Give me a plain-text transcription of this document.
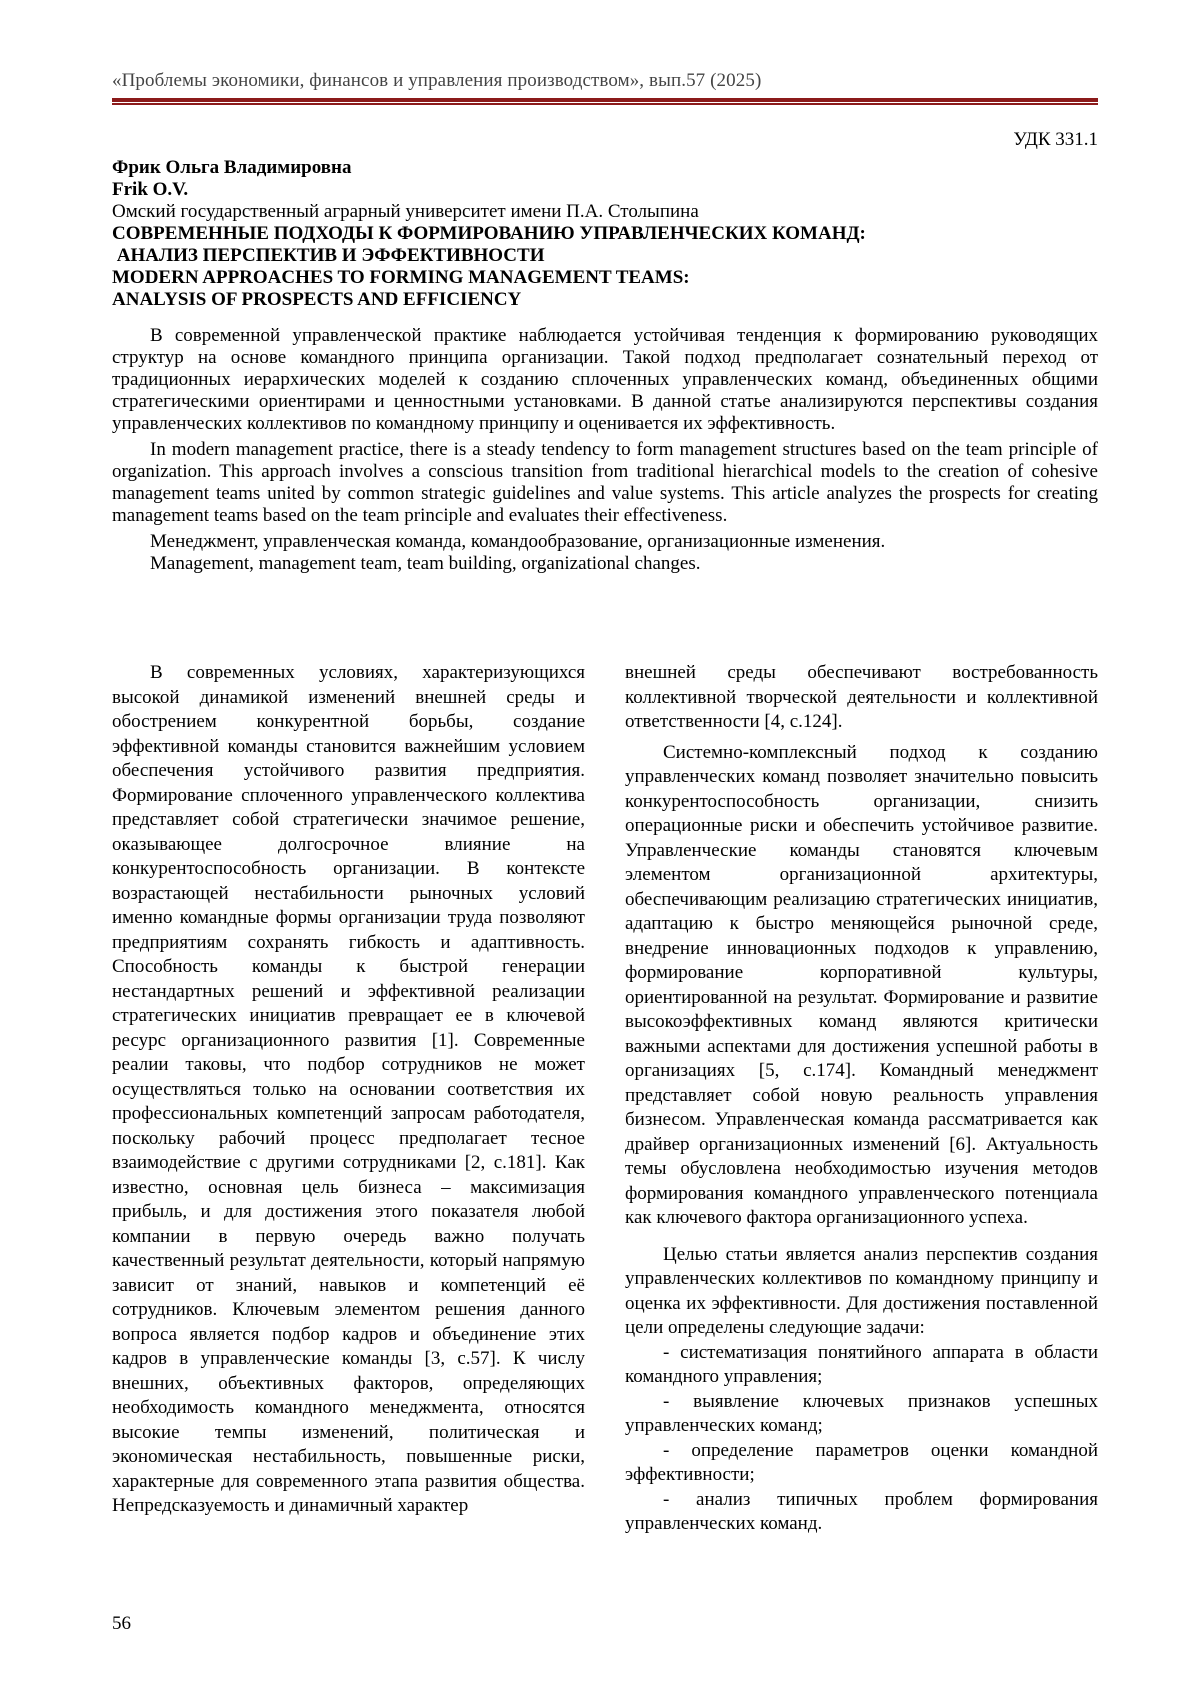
«Проблемы экономики, финансов и управления производством», вып.57 (2025)
УДК 331.1
Фрик Ольга Владимировна
Frik O.V.
Омский государственный аграрный университет имени П.А. Столыпина
СОВРЕМЕННЫЕ ПОДХОДЫ К ФОРМИРОВАНИЮ УПРАВЛЕНЧЕСКИХ КОМАНД:
АНАЛИЗ ПЕРСПЕКТИВ И ЭФФЕКТИВНОСТИ
MODERN APPROACHES TO FORMING MANAGEMENT TEAMS:
ANALYSIS OF PROSPECTS AND EFFICIENCY

В современной управленческой практике наблюдается устойчивая тенденция к формированию руководящих структур на основе командного принципа организации. Такой подход предполагает сознательный переход от традиционных иерархических моделей к созданию сплоченных управленческих команд, объединенных общими стратегическими ориентирами и ценностными установками. В данной статье анализируются перспективы создания управленческих коллективов по командному принципу и оценивается их эффективность.

In modern management practice, there is a steady tendency to form management structures based on the team principle of organization. This approach involves a conscious transition from traditional hierarchical models to the creation of cohesive management teams united by common strategic guidelines and value systems. This article analyzes the prospects for creating management teams based on the team principle and evaluates their effectiveness.

Менеджмент, управленческая команда, командообразование, организационные изменения.

Management, management team, team building, organizational changes.

В современных условиях, характеризующихся высокой динамикой изменений внешней среды и обострением конкурентной борьбы, создание эффективной команды становится важнейшим условием обеспечения устойчивого развития предприятия. Формирование сплоченного управленческого коллектива представляет собой стратегически значимое решение, оказывающее долгосрочное влияние на конкурентоспособность организации. В контексте возрастающей нестабильности рыночных условий именно командные формы организации труда позволяют предприятиям сохранять гибкость и адаптивность. Способность команды к быстрой генерации нестандартных решений и эффективной реализации стратегических инициатив превращает ее в ключевой ресурс организационного развития [1]. Современные реалии таковы, что подбор сотрудников не может осуществляться только на основании соответствия их профессиональных компетенций запросам работодателя, поскольку рабочий процесс предполагает тесное взаимодействие с другими сотрудниками [2, с.181]. Как известно, основная цель бизнеса – максимизация прибыль, и для достижения этого показателя любой компании в первую очередь важно получать качественный результат деятельности, который напрямую зависит от знаний, навыков и компетенций её сотрудников. Ключевым элементом решения данного вопроса является подбор кадров и объединение этих кадров в управленческие команды [3, с.57]. К числу внешних, объективных факторов, определяющих необходимость командного менеджмента, относятся высокие темпы изменений, политическая и экономическая нестабильность, повышенные риски, характерные для современного этапа развития общества. Непредсказуемость и динамичный характер

внешней среды обеспечивают востребованность коллективной творческой деятельности и коллективной ответственности [4, с.124].

Системно-комплексный подход к созданию управленческих команд позволяет значительно повысить конкурентоспособность организации, снизить операционные риски и обеспечить устойчивое развитие. Управленческие команды становятся ключевым элементом организационной архитектуры, обеспечивающим реализацию стратегических инициатив, адаптацию к быстро меняющейся рыночной среде, внедрение инновационных подходов к управлению, формирование корпоративной культуры, ориентированной на результат. Формирование и развитие высокоэффективных команд являются критически важными аспектами для достижения успешной работы в организациях [5, с.174]. Командный менеджмент представляет собой новую реальность управления бизнесом. Управленческая команда рассматривается как драйвер организационных изменений [6]. Актуальность темы обусловлена необходимостью изучения методов формирования командного управленческого потенциала как ключевого фактора организационного успеха.

Целью статьи является анализ перспектив создания управленческих коллективов по командному принципу и оценка их эффективности. Для достижения поставленной цели определены следующие задачи:

- систематизация понятийного аппарата в области командного управления;

- выявление ключевых признаков успешных управленческих команд;

- определение параметров оценки командной эффективности;

- анализ типичных проблем формирования управленческих команд.

56
